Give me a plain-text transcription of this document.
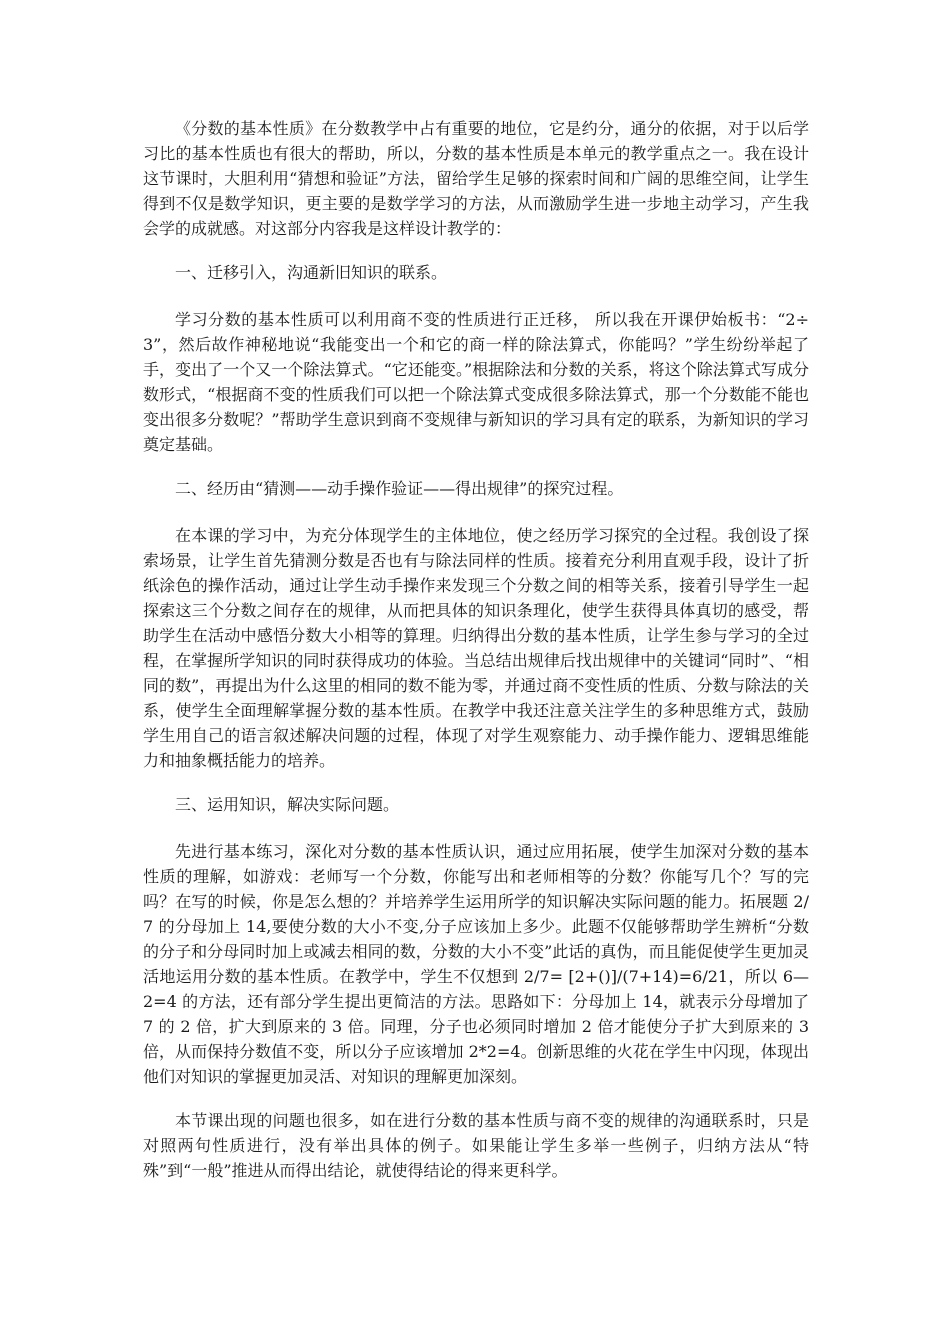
《分数的基本性质》在分数教学中占有重要的地位，它是约分，通分的依据，对于以后学习比的基本性质也有很大的帮助，所以，分数的基本性质是本单元的教学重点之一。我在设计这节课时，大胆利用“猜想和验证”方法，留给学生足够的探索时间和广阔的思维空间，让学生得到不仅是数学知识，更主要的是数学学习的方法，从而激励学生进一步地主动学习，产生我会学的成就感。对这部分内容我是这样设计教学的：

一、迁移引入，沟通新旧知识的联系。

学习分数的基本性质可以利用商不变的性质进行正迁移， 所以我在开课伊始板书：“2÷3”，然后故作神秘地说“我能变出一个和它的商一样的除法算式，你能吗？”学生纷纷举起了手，变出了一个又一个除法算式。“它还能变。”根据除法和分数的关系，将这个除法算式写成分数形式，“根据商不变的性质我们可以把一个除法算式变成很多除法算式，那一个分数能不能也变出很多分数呢？”帮助学生意识到商不变规律与新知识的学习具有定的联系，为新知识的学习奠定基础。

二、经历由“猜测——动手操作验证——得出规律”的探究过程。

在本课的学习中，为充分体现学生的主体地位，使之经历学习探究的全过程。我创设了探索场景，让学生首先猜测分数是否也有与除法同样的性质。接着充分利用直观手段，设计了折纸涂色的操作活动，通过让学生动手操作来发现三个分数之间的相等关系，接着引导学生一起探索这三个分数之间存在的规律，从而把具体的知识条理化，使学生获得具体真切的感受，帮助学生在活动中感悟分数大小相等的算理。归纳得出分数的基本性质，让学生参与学习的全过程，在掌握所学知识的同时获得成功的体验。当总结出规律后找出规律中的关键词“同时”、“相同的数”，再提出为什么这里的相同的数不能为零，并通过商不变性质的性质、分数与除法的关系，使学生全面理解掌握分数的基本性质。在教学中我还注意关注学生的多种思维方式，鼓励学生用自己的语言叙述解决问题的过程，体现了对学生观察能力、动手操作能力、逻辑思维能力和抽象概括能力的培养。

三、运用知识，解决实际问题。

先进行基本练习，深化对分数的基本性质认识，通过应用拓展，使学生加深对分数的基本性质的理解，如游戏：老师写一个分数，你能写出和老师相等的分数？你能写几个？写的完吗？在写的时候，你是怎么想的？并培养学生运用所学的知识解决实际问题的能力。拓展题 2/7 的分母加上 14,要使分数的大小不变,分子应该加上多少。此题不仅能够帮助学生辨析“分数的分子和分母同时加上或减去相同的数，分数的大小不变”此话的真伪，而且能促使学生更加灵活地运用分数的基本性质。在教学中，学生不仅想到 2/7= [2+()]/(7+14)=6/21，所以 6—2=4 的方法，还有部分学生提出更简洁的方法。思路如下：分母加上 14，就表示分母增加了 7 的 2 倍，扩大到原来的 3 倍。同理，分子也必须同时增加 2 倍才能使分子扩大到原来的 3 倍，从而保持分数值不变，所以分子应该增加 2*2=4。创新思维的火花在学生中闪现，体现出他们对知识的掌握更加灵活、对知识的理解更加深刻。

本节课出现的问题也很多，如在进行分数的基本性质与商不变的规律的沟通联系时，只是对照两句性质进行，没有举出具体的例子。如果能让学生多举一些例子，归纳方法从“特殊”到“一般”推进从而得出结论，就使得结论的得来更科学。
